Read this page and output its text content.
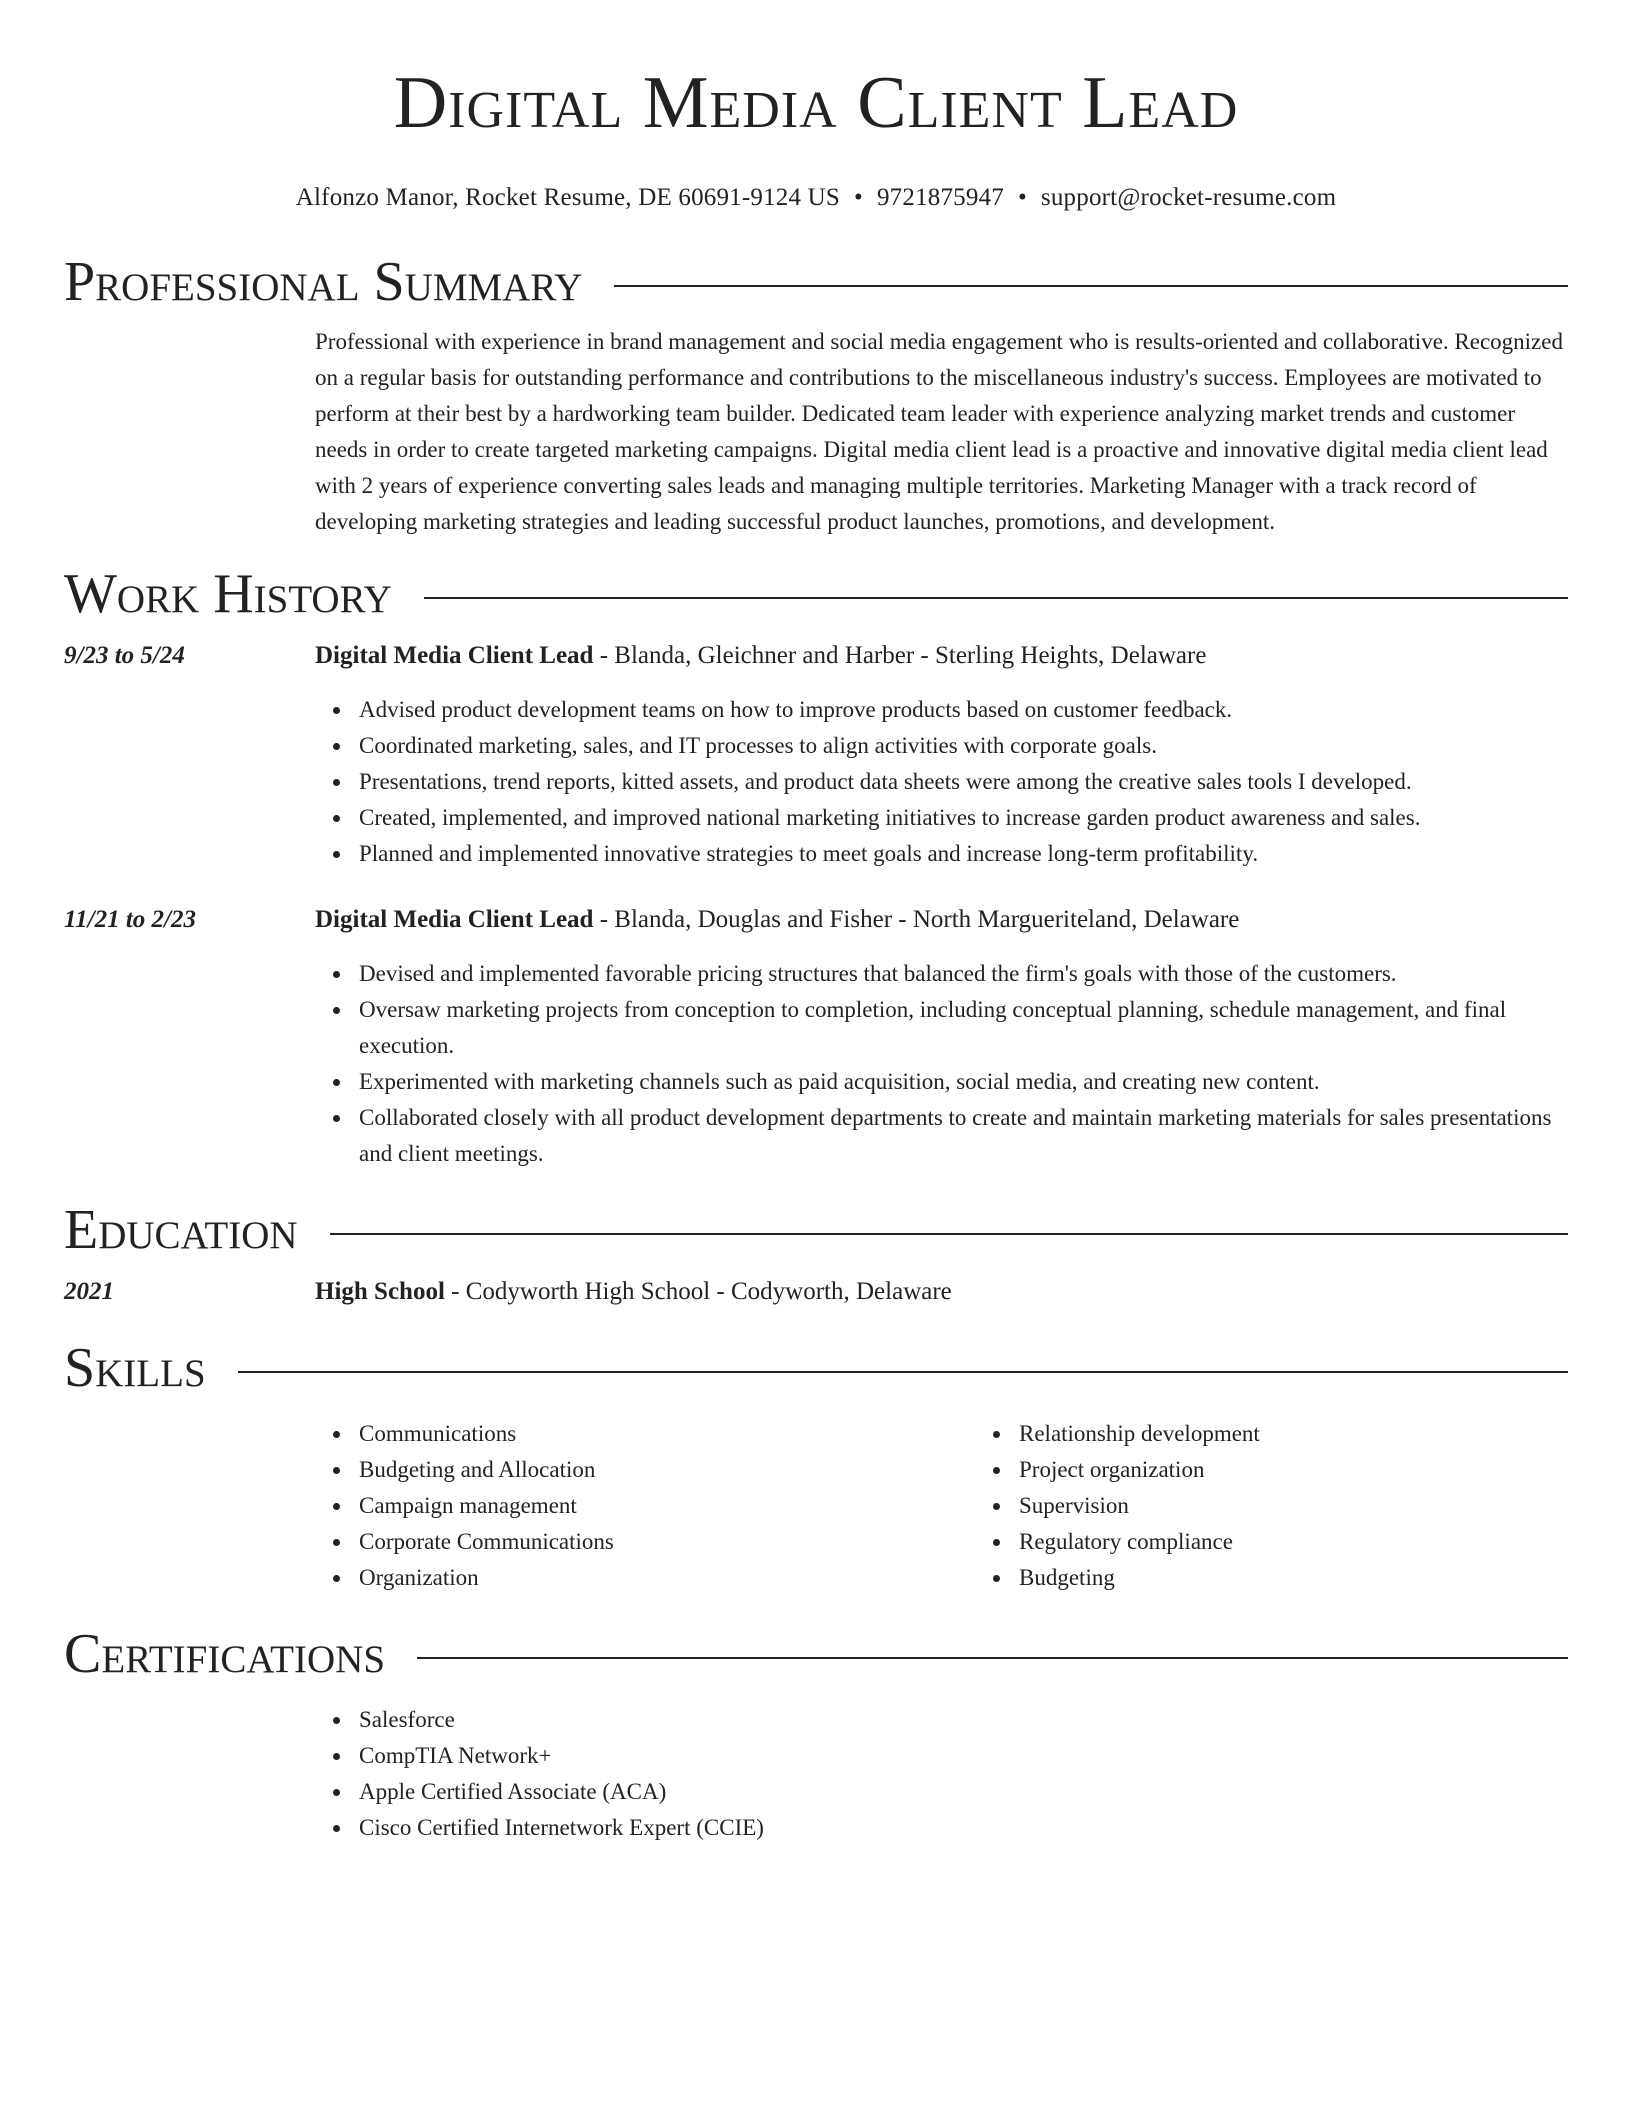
Digital Media Client Lead
Alfonzo Manor, Rocket Resume, DE 60691-9124 US • 9721875947 • support@rocket-resume.com
Professional Summary
Professional with experience in brand management and social media engagement who is results-oriented and collaborative. Recognized on a regular basis for outstanding performance and contributions to the miscellaneous industry's success. Employees are motivated to perform at their best by a hardworking team builder. Dedicated team leader with experience analyzing market trends and customer needs in order to create targeted marketing campaigns. Digital media client lead is a proactive and innovative digital media client lead with 2 years of experience converting sales leads and managing multiple territories. Marketing Manager with a track record of developing marketing strategies and leading successful product launches, promotions, and development.
Work History
9/23 to 5/24	Digital Media Client Lead - Blanda, Gleichner and Harber - Sterling Heights, Delaware
Advised product development teams on how to improve products based on customer feedback.
Coordinated marketing, sales, and IT processes to align activities with corporate goals.
Presentations, trend reports, kitted assets, and product data sheets were among the creative sales tools I developed.
Created, implemented, and improved national marketing initiatives to increase garden product awareness and sales.
Planned and implemented innovative strategies to meet goals and increase long-term profitability.
11/21 to 2/23	Digital Media Client Lead - Blanda, Douglas and Fisher - North Margueriteland, Delaware
Devised and implemented favorable pricing structures that balanced the firm's goals with those of the customers.
Oversaw marketing projects from conception to completion, including conceptual planning, schedule management, and final execution.
Experimented with marketing channels such as paid acquisition, social media, and creating new content.
Collaborated closely with all product development departments to create and maintain marketing materials for sales presentations and client meetings.
Education
2021	High School - Codyworth High School - Codyworth, Delaware
Skills
Communications
Budgeting and Allocation
Campaign management
Corporate Communications
Organization
Relationship development
Project organization
Supervision
Regulatory compliance
Budgeting
Certifications
Salesforce
CompTIA Network+
Apple Certified Associate (ACA)
Cisco Certified Internetwork Expert (CCIE)
